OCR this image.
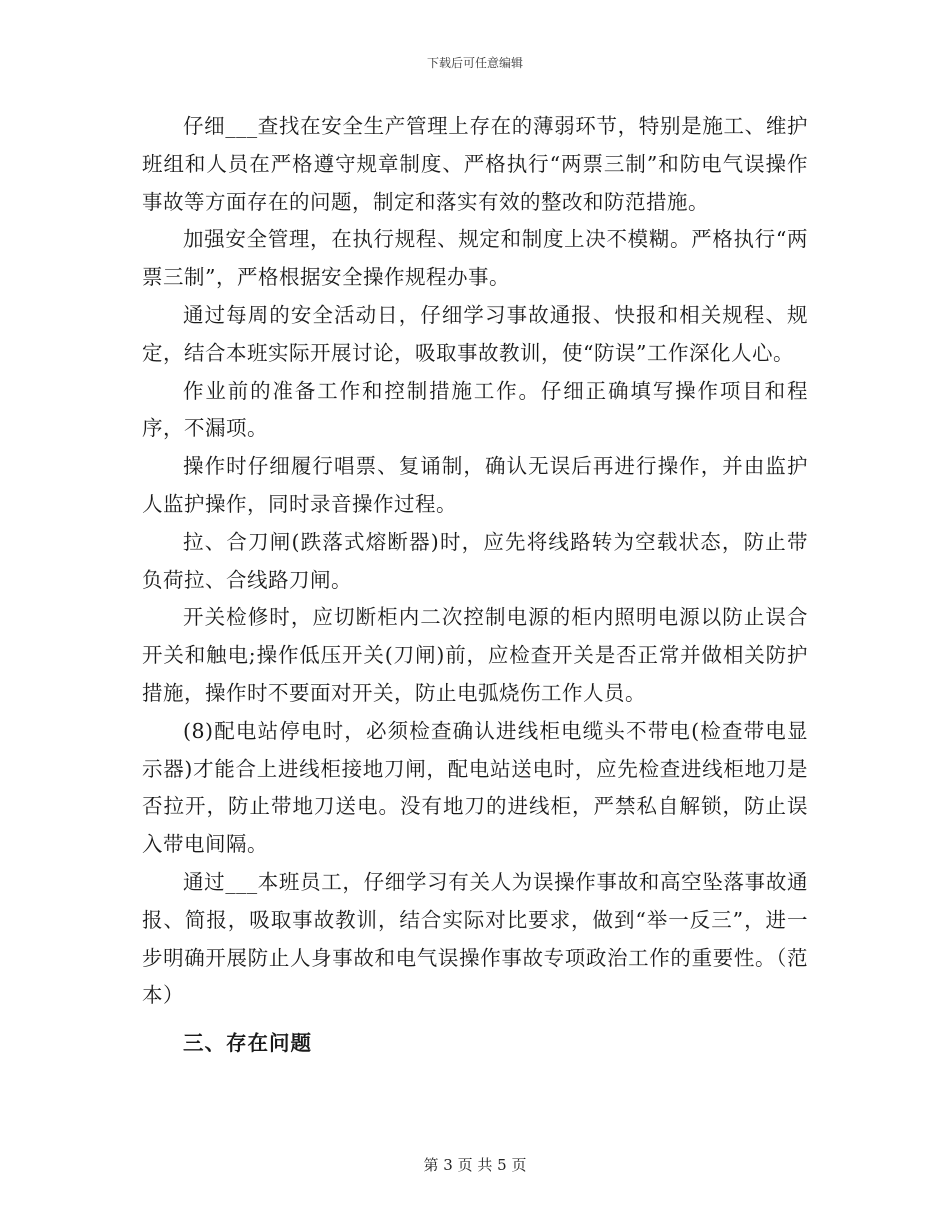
下载后可任意编辑

仔细___查找在安全生产管理上存在的薄弱环节，特别是施工、维护班组和人员在严格遵守规章制度、严格执行“两票三制”和防电气误操作事故等方面存在的问题，制定和落实有效的整改和防范措施。

加强安全管理，在执行规程、规定和制度上决不模糊。严格执行“两票三制”，严格根据安全操作规程办事。

通过每周的安全活动日，仔细学习事故通报、快报和相关规程、规定，结合本班实际开展讨论，吸取事故教训，使“防误”工作深化人心。

作业前的准备工作和控制措施工作。仔细正确填写操作项目和程序，不漏项。

操作时仔细履行唱票、复诵制，确认无误后再进行操作，并由监护人监护操作，同时录音操作过程。

拉、合刀闸(跌落式熔断器)时，应先将线路转为空载状态，防止带负荷拉、合线路刀闸。

开关检修时，应切断柜内二次控制电源的柜内照明电源以防止误合开关和触电;操作低压开关(刀闸)前，应检查开关是否正常并做相关防护措施，操作时不要面对开关，防止电弧烧伤工作人员。

(8)配电站停电时，必须检查确认进线柜电缆头不带电(检查带电显示器)才能合上进线柜接地刀闸，配电站送电时，应先检查进线柜地刀是否拉开，防止带地刀送电。没有地刀的进线柜，严禁私自解锁，防止误入带电间隔。

通过___本班员工，仔细学习有关人为误操作事故和高空坠落事故通报、简报，吸取事故教训，结合实际对比要求，做到“举一反三”，进一步明确开展防止人身事故和电气误操作事故专项政治工作的重要性。（范本）

三、存在问题

第 3 页 共 5 页
